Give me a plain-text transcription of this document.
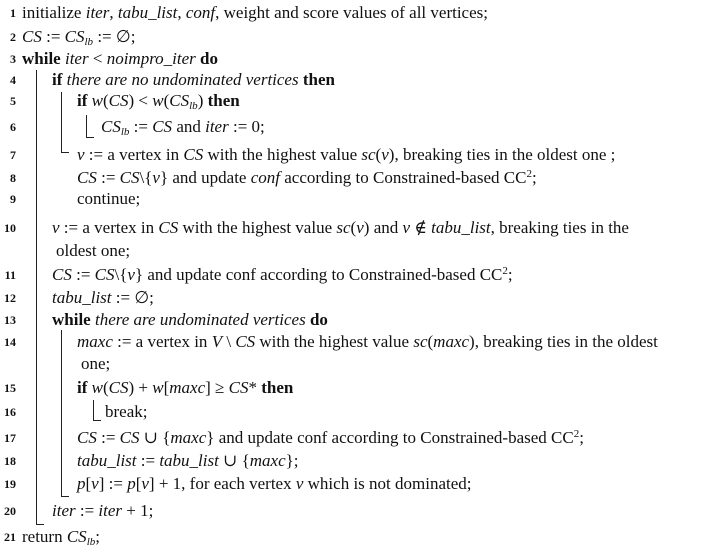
1
2
3
4
5
6
7
8
9
10
11
12
13
14
15
16
17
18
19
20
21
initialize iter, tabu_list, conf, weight and score values of all vertices;
CS := $CS_{lb}$ := ∅;
while iter < noimpro_iter do
if there are no undominated vertices then
if $w(CS) < w(CS_{lb})$ then
$CS_{lb}$ := CS and iter := 0;
v := a vertex in CS with the highest value sc(v), breaking ties in the oldest one ;
CS := CS\{v} and update conf according to Constrained-based $CC^2$;
continue;
v := a vertex in CS with the highest value sc(v) and v ∉ tabu_list, breaking ties in the
oldest one;
CS := CS\{v} and update conf according to Constrained-based $CC^2$;
tabu_list := ∅;
while there are undominated vertices do
maxc := a vertex in V \ CS with the highest value sc(maxc), breaking ties in the oldest
one;
if w(CS) + w[maxc] ≥ CS* then
break;
CS := CS ∪ {maxc} and update conf according to Constrained-based $CC^2$;
tabu_list := tabu_list ∪ {maxc};
p[v] := p[v] + 1, for each vertex v which is not dominated;
iter := iter + 1;
return $CS_{lb}$;
